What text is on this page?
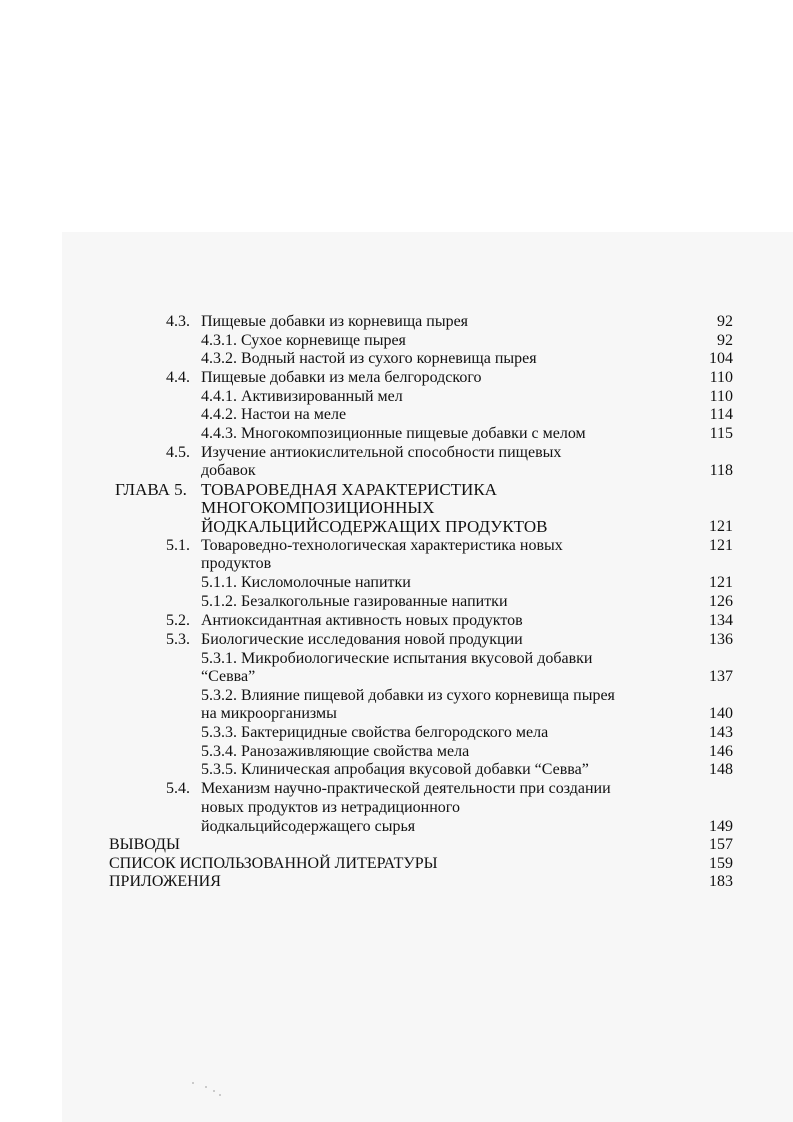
4.3. Пищевые добавки из корневища пырея	92
4.3.1. Сухое корневище пырея	92
4.3.2. Водный настой из сухого корневища пырея	104
4.4. Пищевые добавки из мела белгородского	110
4.4.1. Активизированный мел	110
4.4.2. Настои на меле	114
4.4.3. Многокомпозиционные пищевые добавки с мелом	115
4.5. Изучение антиокислительной способности пищевых
добавок	118
ГЛАВА 5. ТОВАРОВЕДНАЯ ХАРАКТЕРИСТИКА
МНОГОКОМПОЗИЦИОННЫХ
ЙОДКАЛЬЦИЙСОДЕРЖАЩИХ ПРОДУКТОВ	121
5.1. Товароведно-технологическая характеристика новых	121
продуктов
5.1.1. Кисломолочные напитки	121
5.1.2. Безалкогольные газированные напитки	126
5.2. Антиоксидантная активность новых продуктов	134
5.3. Биологические исследования новой продукции	136
5.3.1. Микробиологические испытания вкусовой добавки
“Севва”	137
5.3.2. Влияние пищевой добавки из сухого корневища пырея
на микроорганизмы	140
5.3.3. Бактерицидные свойства белгородского мела	143
5.3.4. Ранозаживляющие свойства мела	146
5.3.5. Клиническая апробация вкусовой добавки “Севва”	148
5.4. Механизм научно-практической деятельности при создании
новых продуктов из нетрадиционного
йодкальцийсодержащего сырья	149
ВЫВОДЫ	157
СПИСОК ИСПОЛЬЗОВАННОЙ ЛИТЕРАТУРЫ	159
ПРИЛОЖЕНИЯ	183
